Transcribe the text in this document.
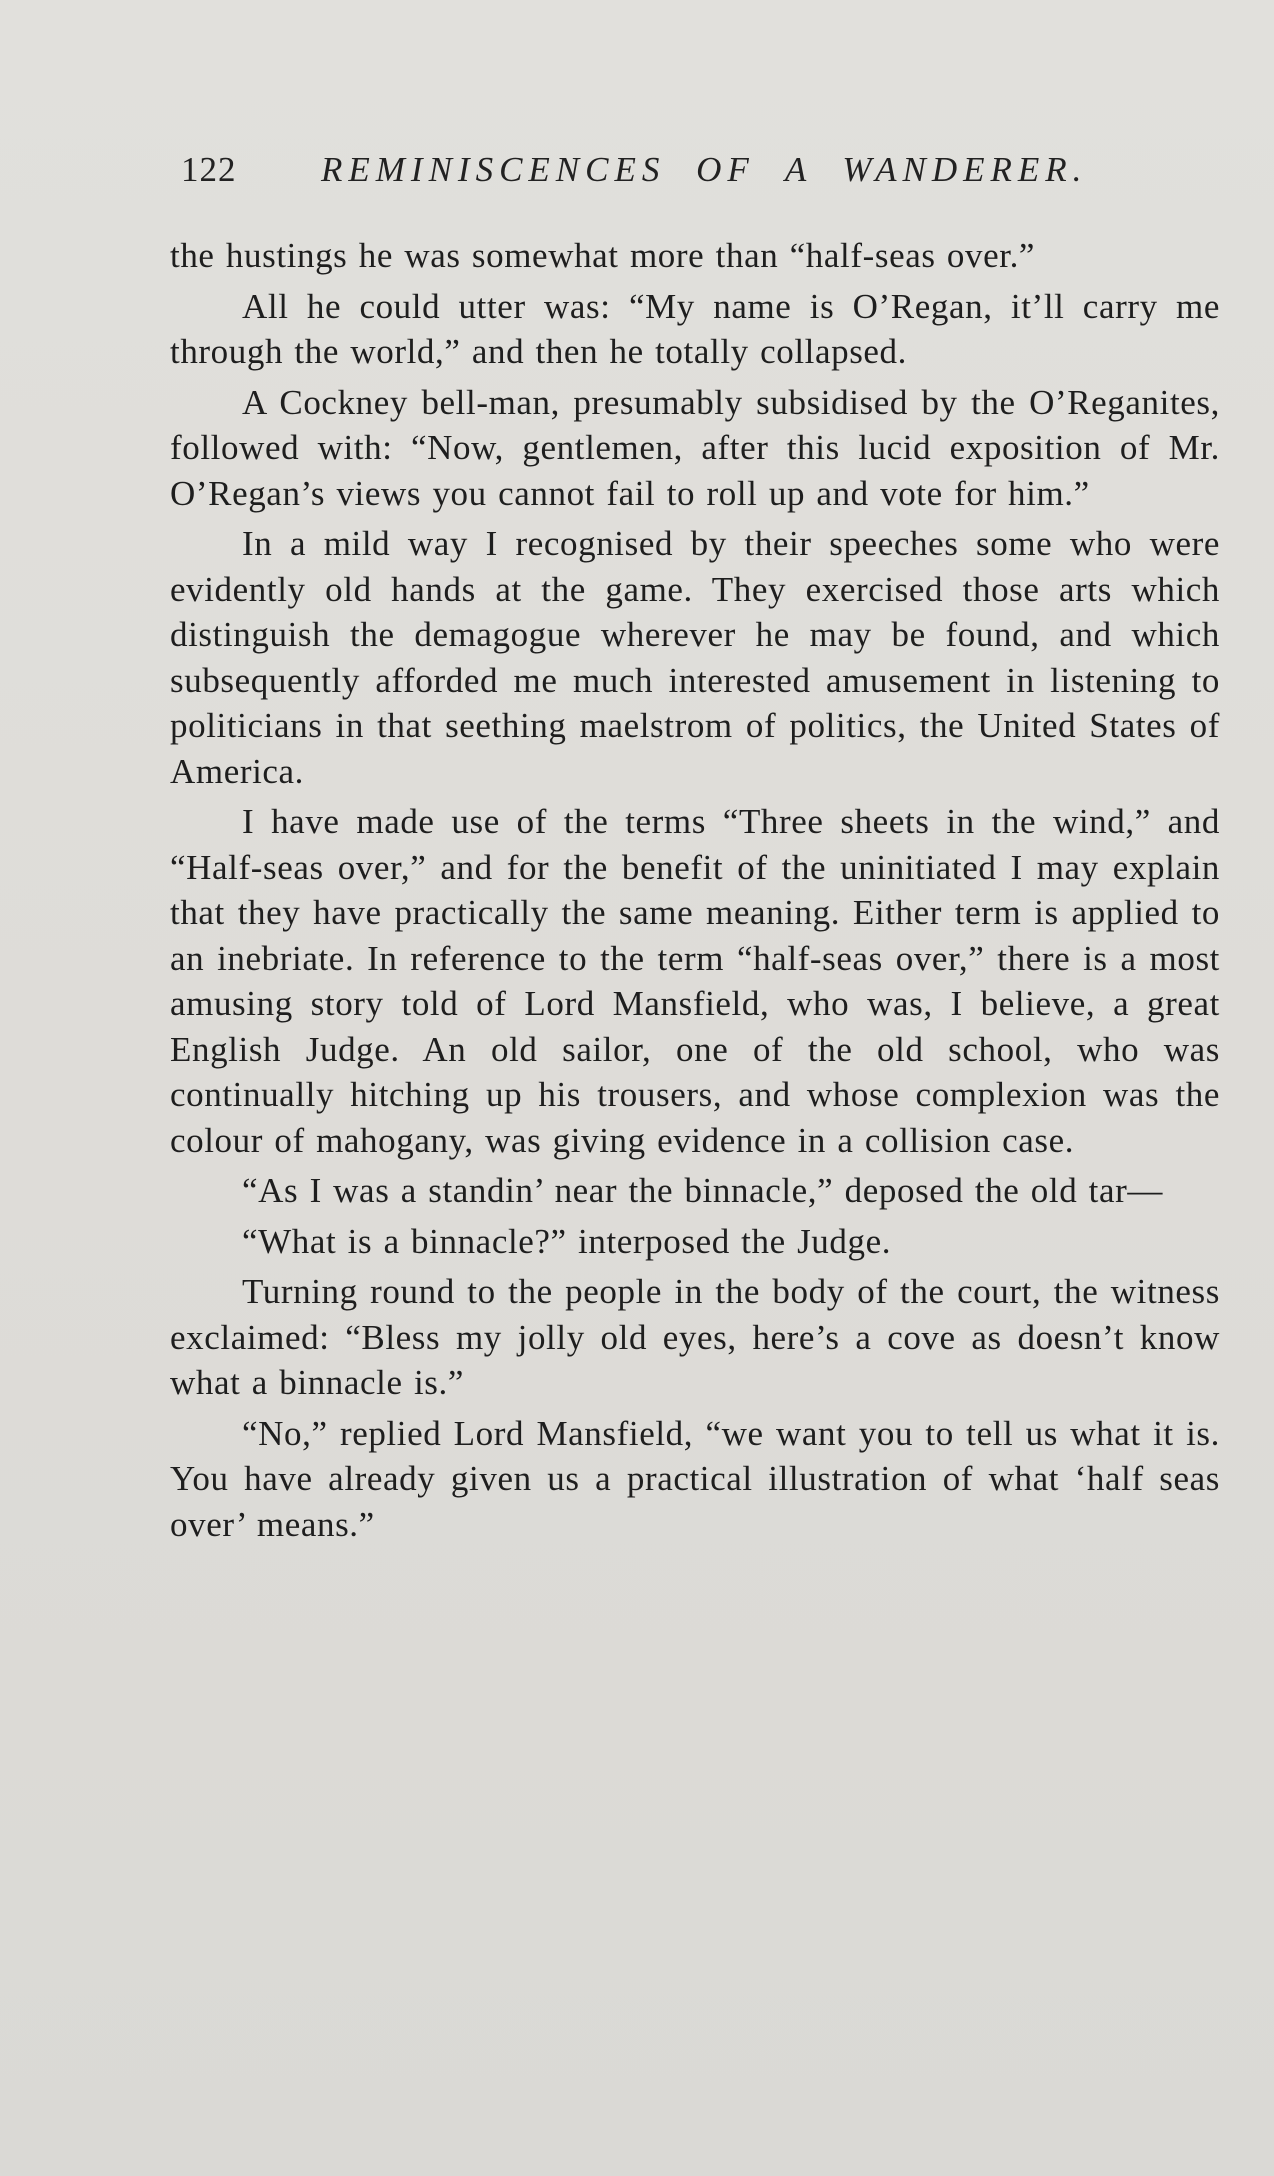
122 REMINISCENCES OF A WANDERER.

the hustings he was somewhat more than “half-seas over.”

All he could utter was: “My name is O’Regan, it’ll carry me through the world,” and then he totally collapsed.

A Cockney bell-man, presumably subsidised by the O’Reganites, followed with: “Now, gentlemen, after this lucid exposition of Mr. O’Regan’s views you cannot fail to roll up and vote for him.”

In a mild way I recognised by their speeches some who were evidently old hands at the game. They exercised those arts which distinguish the demagogue wherever he may be found, and which subsequently afforded me much interested amusement in listening to politicians in that seething maelstrom of politics, the United States of America.

I have made use of the terms “Three sheets in the wind,” and “Half-seas over,” and for the benefit of the uninitiated I may explain that they have practically the same meaning. Either term is applied to an inebriate. In reference to the term “half-seas over,” there is a most amusing story told of Lord Mansfield, who was, I believe, a great English Judge. An old sailor, one of the old school, who was continually hitching up his trousers, and whose complexion was the colour of mahogany, was giving evidence in a collision case.

“As I was a standin’ near the binnacle,” deposed the old tar—

“What is a binnacle?” interposed the Judge.

Turning round to the people in the body of the court, the witness exclaimed: “Bless my jolly old eyes, here’s a cove as doesn’t know what a binnacle is.”

“No,” replied Lord Mansfield, “we want you to tell us what it is. You have already given us a practical illustration of what ‘half seas over’ means.”
